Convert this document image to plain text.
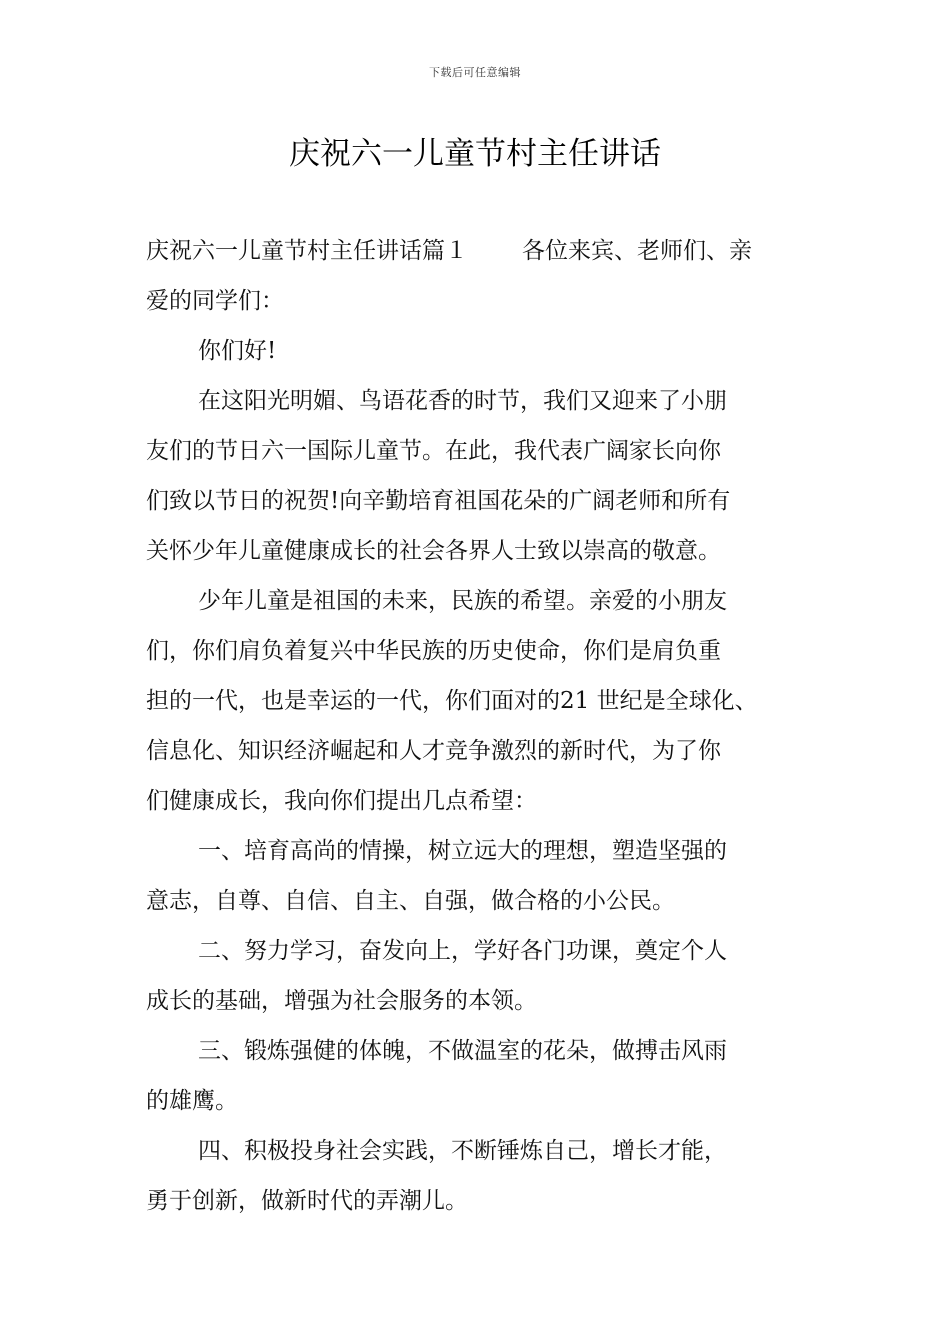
下载后可任意编辑
庆祝六一儿童节村主任讲话
庆祝六一儿童节村主任讲话篇１ 各位来宾、老师们、亲
爱的同学们：
你们好!
在这阳光明媚、鸟语花香的时节，我们又迎来了小朋
友们的节日六一国际儿童节。在此，我代表广阔家长向你
们致以节日的祝贺!向辛勤培育祖国花朵的广阔老师和所有
关怀少年儿童健康成长的社会各界人士致以崇高的敬意。
少年儿童是祖国的未来，民族的希望。亲爱的小朋友
们，你们肩负着复兴中华民族的历史使命，你们是肩负重
担的一代，也是幸运的一代，你们面对的21 世纪是全球化、
信息化、知识经济崛起和人才竞争激烈的新时代，为了你
们健康成长，我向你们提出几点希望：
一、培育高尚的情操，树立远大的理想，塑造坚强的
意志，自尊、自信、自主、自强，做合格的小公民。
二、努力学习，奋发向上，学好各门功课，奠定个人
成长的基础，增强为社会服务的本领。
三、锻炼强健的体魄，不做温室的花朵，做搏击风雨
的雄鹰。
四、积极投身社会实践，不断锤炼自己，增长才能，
勇于创新，做新时代的弄潮儿。
